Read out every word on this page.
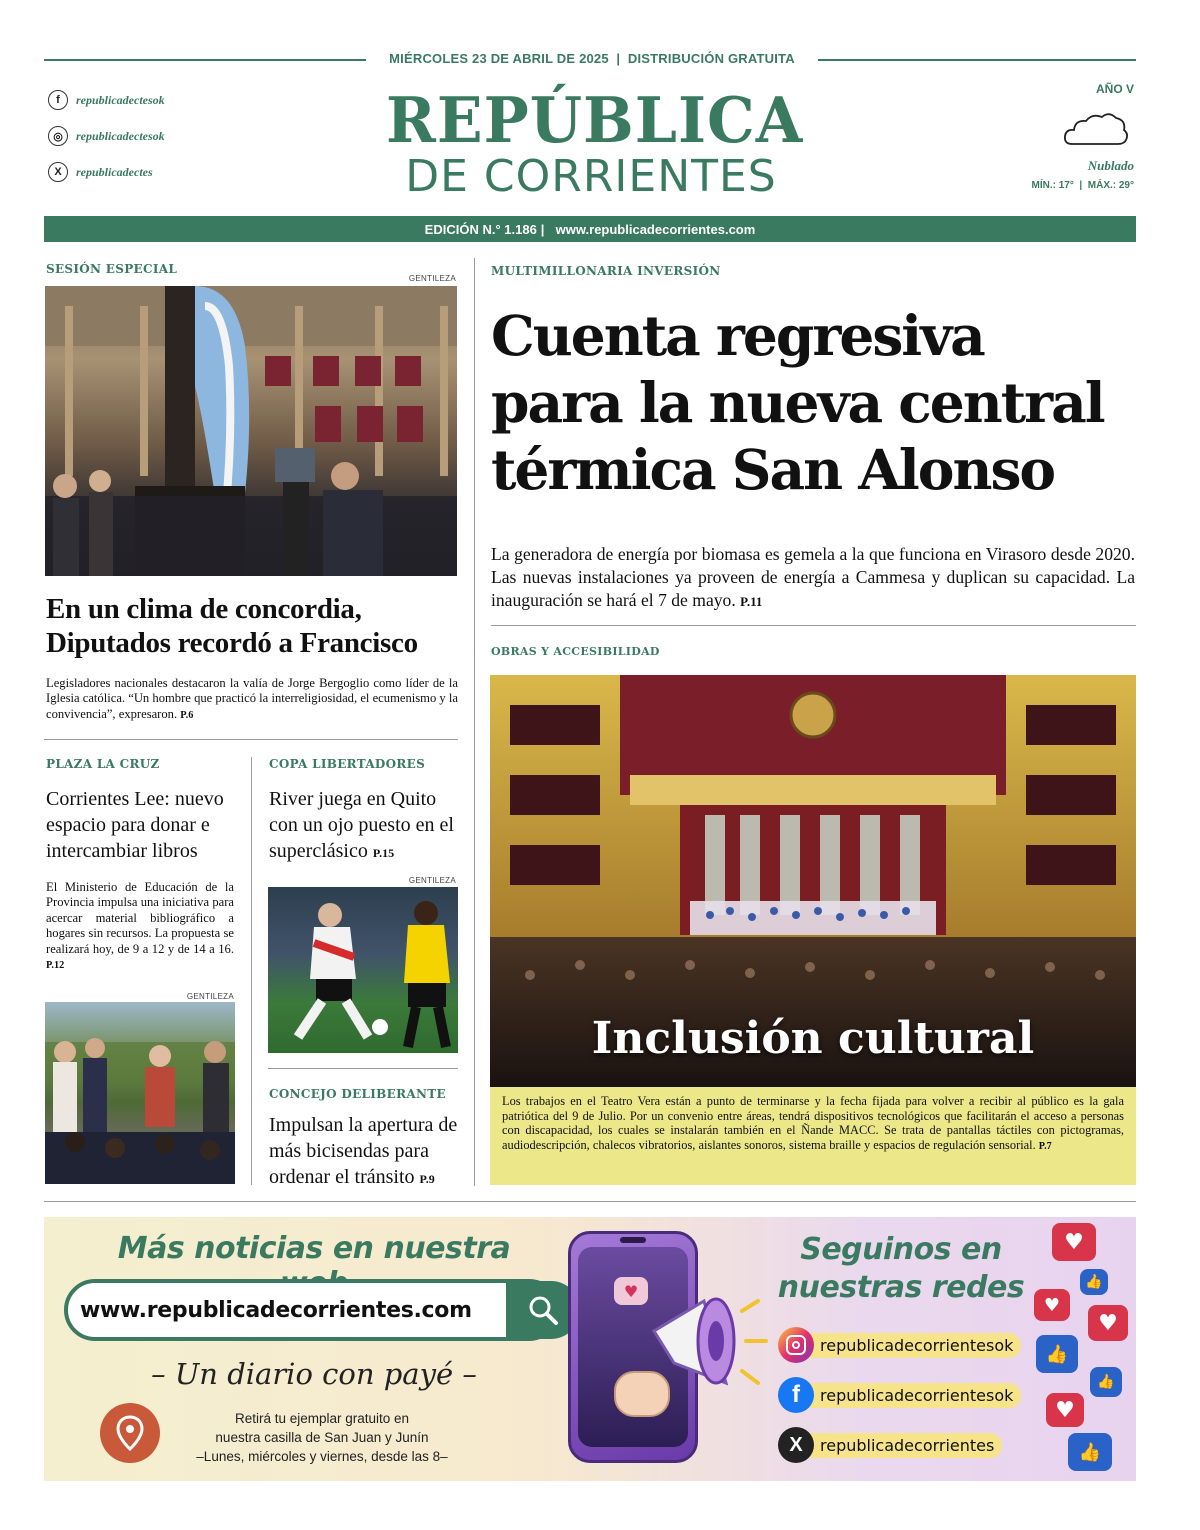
MIÉRCOLES 23 DE ABRIL DE 2025  |  DISTRIBUCIÓN GRATUITA
f	republicadectesok
◎	republicadectesok
X	republicadectes
REPÚBLICA
DE CORRIENTES
AÑO V
Nublado
MÍN.: 17°  |  MÁX.: 29°
EDICIÓN N.° 1.186 | www.republicadecorrientes.com
SESIÓN ESPECIAL
GENTILEZA
En un clima de concordia, Diputados recordó a Francisco
Legisladores nacionales destacaron la valía de Jorge Bergoglio como líder de la Iglesia católica. “Un hombre que practicó la interreligiosidad, el ecumenismo y la convivencia”, expresaron. P.6
PLAZA LA CRUZ
Corrientes Lee: nuevo espacio para donar e intercambiar libros
El Ministerio de Educación de la Provincia impulsa una iniciativa para acercar material bibliográfico a hogares sin recursos. La propuesta se realizará hoy, de 9 a 12 y de 14 a 16. P.12
GENTILEZA
COPA LIBERTADORES
River juega en Quito con un ojo puesto en el superclásico P.15
GENTILEZA
CONCEJO DELIBERANTE
Impulsan la apertura de más bicisendas para ordenar el tránsito P.9
MULTIMILLONARIA INVERSIÓN
Cuenta regresiva
para la nueva central
térmica San Alonso
La generadora de energía por biomasa es gemela a la que funciona en Virasoro desde 2020. Las nuevas instalaciones ya proveen de energía a Cammesa y duplican su capacidad. La inauguración se hará el 7 de mayo. P.11
OBRAS Y ACCESIBILIDAD
Inclusión cultural
Los trabajos en el Teatro Vera están a punto de terminarse y la fecha fijada para volver a recibir al público es la gala patriótica del 9 de Julio. Por un convenio entre áreas, tendrá dispositivos tecnológicos que facilitarán el acceso a personas con discapacidad, los cuales se instalarán también en el Ñande MACC. Se trata de pantallas táctiles con pictogramas, audiodescripción, chalecos vibratorios, aislantes sonoros, sistema braille y espacios de regulación sensorial. P.7
Más noticias en nuestra
www.republicadecorrientes.com
– Un diario con payé –
Retirá tu ejemplar gratuito en
nuestra casilla de San Juan y Junín
–Lunes, miércoles y viernes, desde las 8–
♥
Seguinos en
nuestras redes
republicadecorrientesok
f	republicadecorrientesok
X	republicadecorrientes
♥
👍
♥
♥
👍
👍
♥
👍
